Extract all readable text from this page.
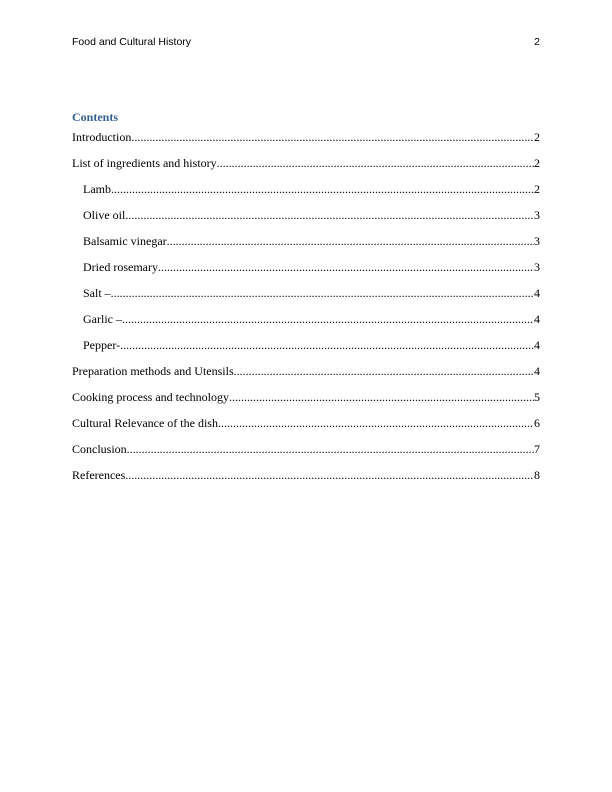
Food and Cultural History	2
Contents
Introduction .....	2
List of ingredients and history .....	2
Lamb .....	2
Olive oil .....	3
Balsamic vinegar .....	3
Dried rosemary .....	3
Salt – .....	4
Garlic – .....	4
Pepper- .....	4
Preparation methods and Utensils .....	4
Cooking process and technology .....	5
Cultural Relevance of the dish .....	6
Conclusion .....	7
References .....	8
